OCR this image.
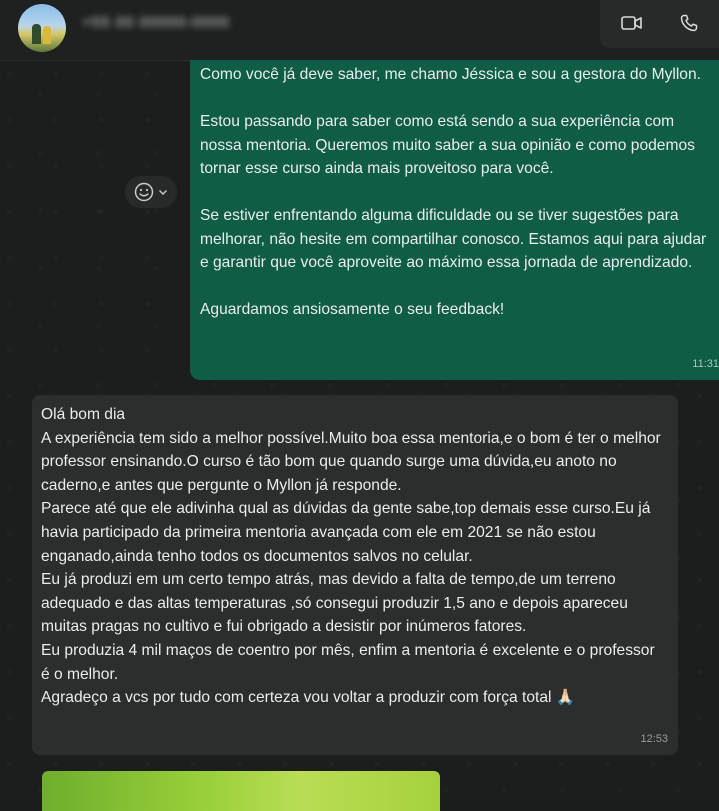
+55 00 00000-0000
Como você já deve saber, me chamo Jéssica e sou a gestora do Myllon.

Estou passando para saber como está sendo a sua experiência com nossa mentoria. Queremos muito saber a sua opinião e como podemos tornar esse curso ainda mais proveitoso para você.

Se estiver enfrentando alguma dificuldade ou se tiver sugestões para melhorar, não hesite em compartilhar conosco. Estamos aqui para ajudar e garantir que você aproveite ao máximo essa jornada de aprendizado.

Aguardamos ansiosamente o seu feedback!
11:31
Olá bom dia
A experiência tem sido a melhor possível.Muito boa essa mentoria,e o bom é ter o melhor professor ensinando.O curso é tão bom que quando surge uma dúvida,eu anoto no caderno,e antes que pergunte o Myllon já responde.
Parece até que ele adivinha qual as dúvidas da gente sabe,top demais esse curso.Eu já havia participado da primeira mentoria avançada com ele em 2021 se não estou enganado,ainda tenho todos os documentos salvos no celular.
Eu já produzi em um certo tempo atrás, mas devido a falta de tempo,de um terreno adequado e das altas temperaturas ,só consegui produzir 1,5 ano e depois apareceu muitas pragas no cultivo e fui obrigado a desistir por inúmeros fatores.
Eu produzia 4 mil maços de coentro por mês, enfim a mentoria é excelente e o professor é o melhor.
Agradeço a vcs por tudo com certeza vou voltar a produzir com força total 🙏🏻
12:53
